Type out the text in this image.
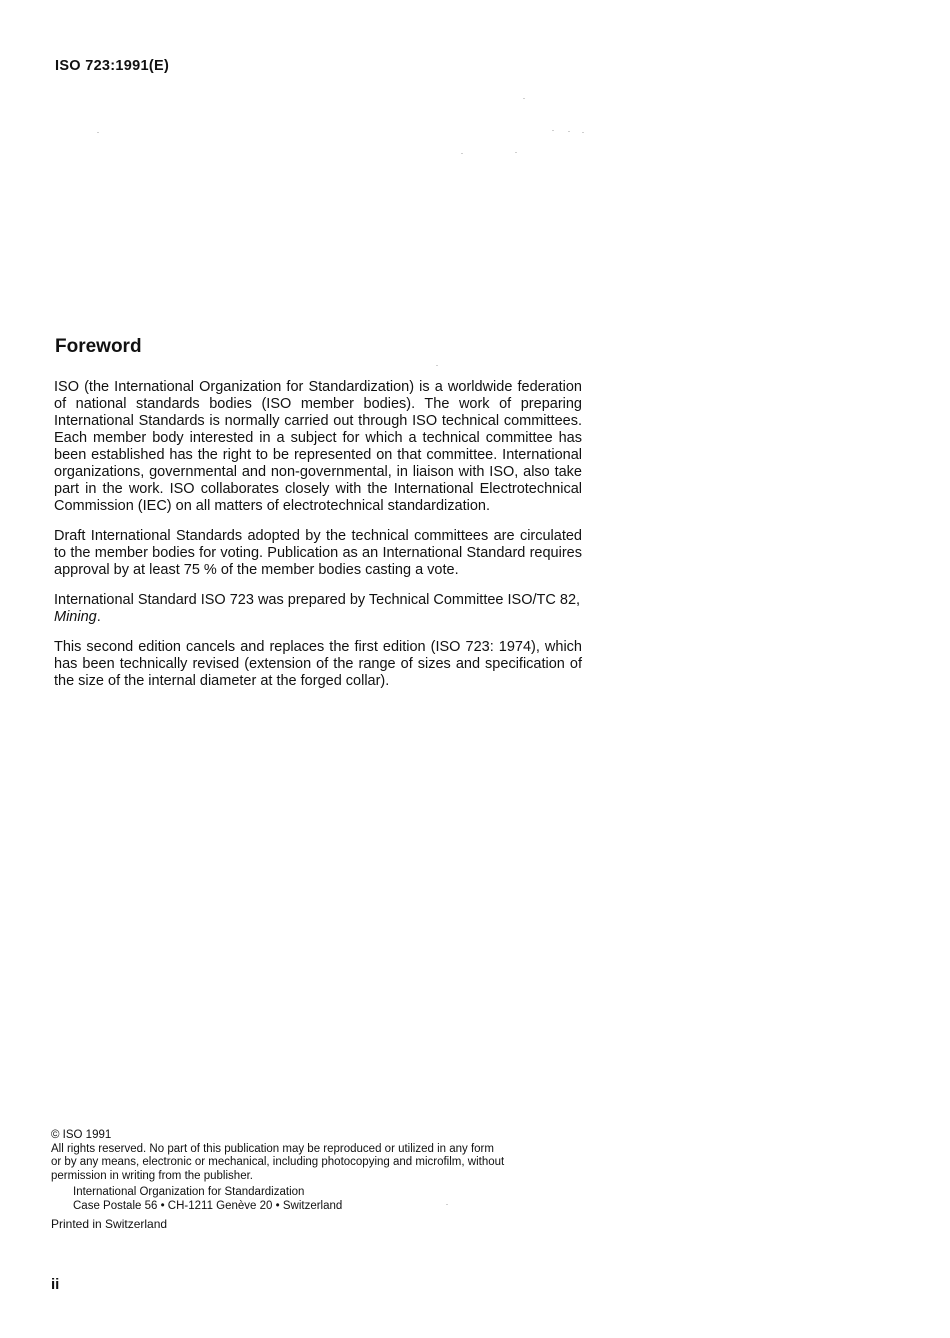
ISO 723:1991(E)
Foreword

ISO (the International Organization for Standardization) is a worldwide federation of national standards bodies (ISO member bodies). The work of preparing International Standards is normally carried out through ISO technical committees. Each member body interested in a subject for which a technical committee has been established has the right to be represented on that committee. International organizations, governmental and non-governmental, in liaison with ISO, also take part in the work. ISO collaborates closely with the International Electrotechnical Commission (IEC) on all matters of electrotechnical standardization.

Draft International Standards adopted by the technical committees are circulated to the member bodies for voting. Publication as an International Standard requires approval by at least 75 % of the member bodies casting a vote.

International Standard ISO 723 was prepared by Technical Committee ISO/TC 82, Mining.

This second edition cancels and replaces the first edition (ISO 723: 1974), which has been technically revised (extension of the range of sizes and specification of the size of the internal diameter at the forged collar).

© ISO 1991
All rights reserved. No part of this publication may be reproduced or utilized in any form
or by any means, electronic or mechanical, including photocopying and microfilm, without
permission in writing from the publisher.
International Organization for Standardization
Case Postale 56 • CH-1211 Genève 20 • Switzerland
Printed in Switzerland
ii
